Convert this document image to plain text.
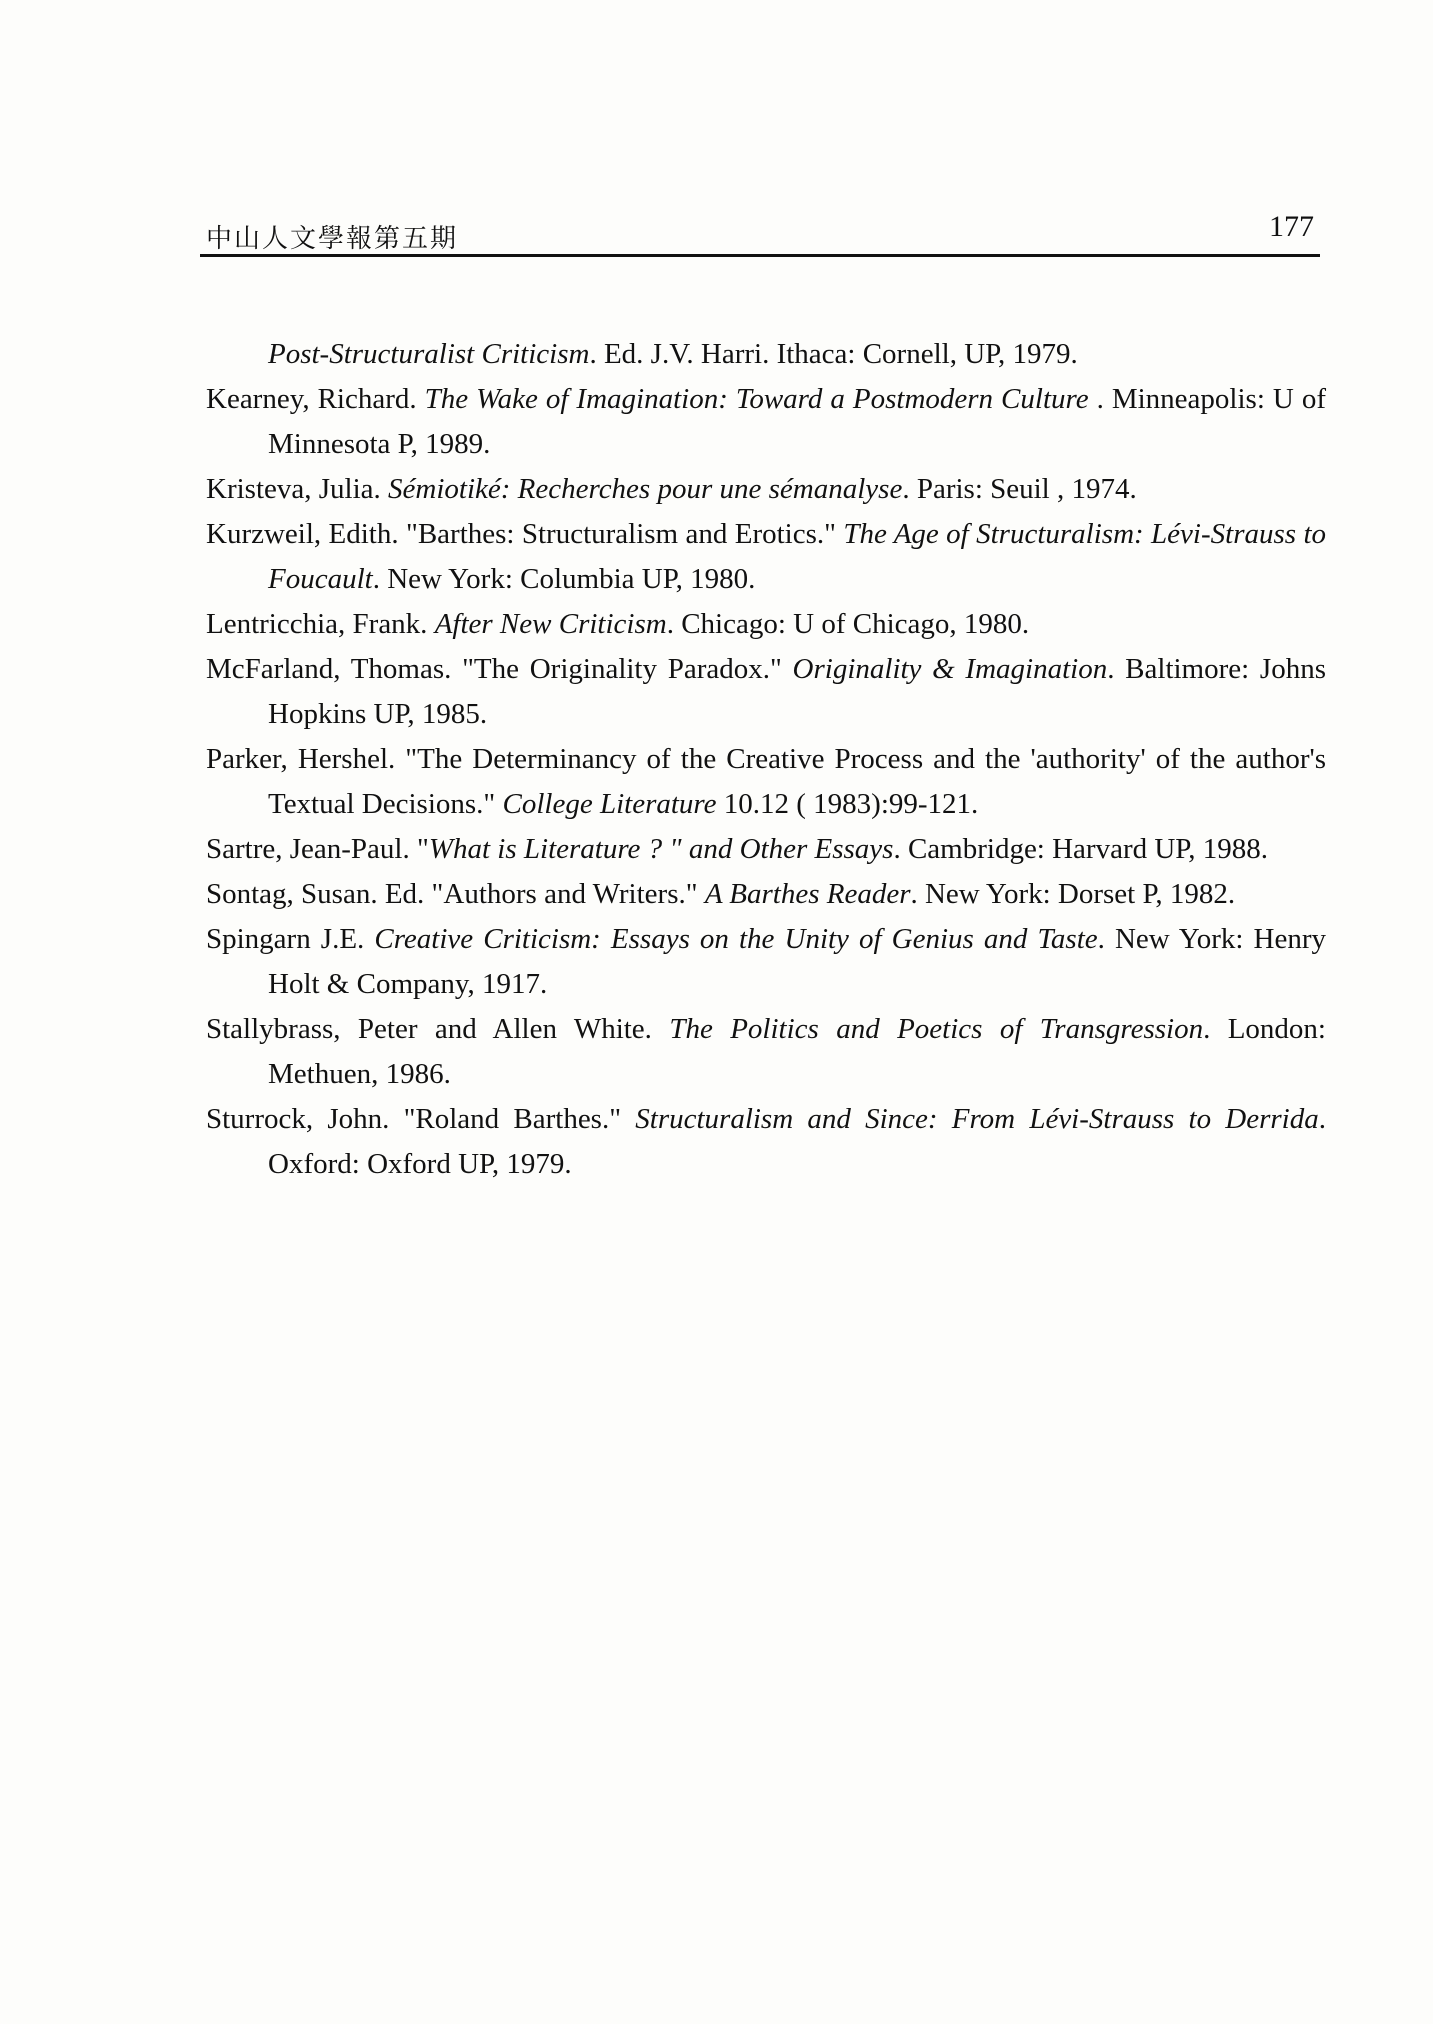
中山人文學報第五期	177
Post-Structuralist Criticism. Ed. J.V. Harri. Ithaca: Cornell, UP, 1979.
Kearney, Richard. The Wake of Imagination: Toward a Postmodern Culture . Minneapolis: U of Minnesota P, 1989.
Kristeva, Julia. Sémiotiké: Recherches pour une sémanalyse. Paris: Seuil , 1974.
Kurzweil, Edith. "Barthes: Structuralism and Erotics." The Age of Structuralism: Lévi-Strauss to Foucault. New York: Columbia UP, 1980.
Lentricchia, Frank. After New Criticism. Chicago: U of Chicago, 1980.
McFarland, Thomas. "The Originality Paradox." Originality & Imagination. Baltimore: Johns Hopkins UP, 1985.
Parker, Hershel. "The Determinancy of the Creative Process and the 'authority' of the author's Textual Decisions." College Literature 10.12 ( 1983):99-121.
Sartre, Jean-Paul. "What is Literature ? " and Other Essays. Cambridge: Harvard UP, 1988.
Sontag, Susan. Ed. "Authors and Writers." A Barthes Reader. New York: Dorset P, 1982.
Spingarn J.E. Creative Criticism: Essays on the Unity of Genius and Taste. New York: Henry Holt & Company, 1917.
Stallybrass, Peter and Allen White. The Politics and Poetics of Transgression. London: Methuen, 1986.
Sturrock, John. "Roland Barthes." Structuralism and Since: From Lévi-Strauss to Derrida. Oxford: Oxford UP, 1979.
